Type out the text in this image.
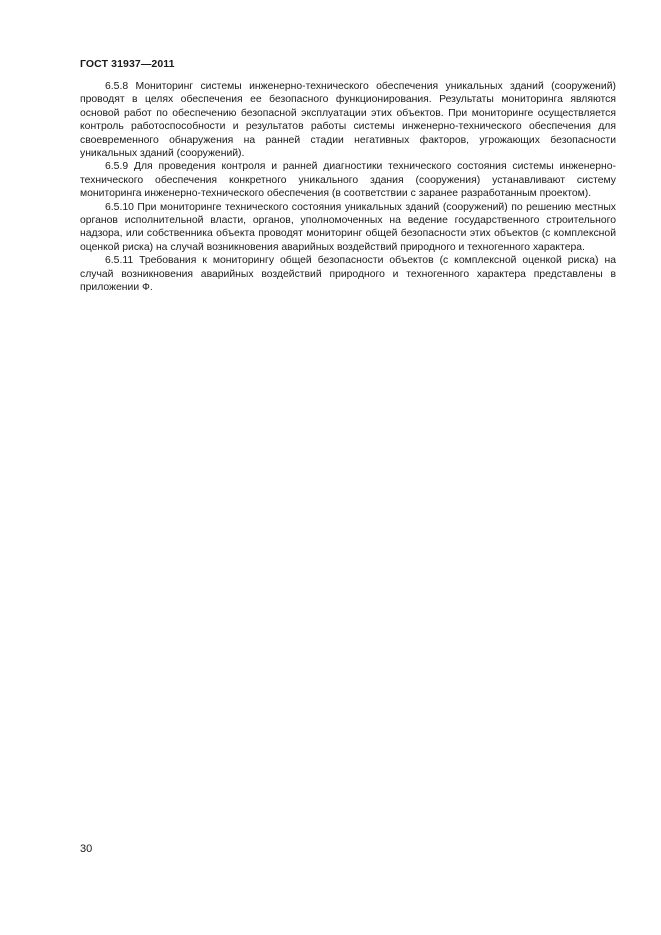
ГОСТ 31937—2011

6.5.8 Мониторинг системы инженерно-технического обеспечения уникальных зданий (сооружений) проводят в целях обеспечения ее безопасного функционирования. Результаты мониторинга являются основой работ по обеспечению безопасной эксплуатации этих объектов. При мониторинге осуществляется контроль работоспособности и результатов работы системы инженерно-технического обеспечения для своевременного обнаружения на ранней стадии негативных факторов, угрожающих безопасности уникальных зданий (сооружений).

6.5.9 Для проведения контроля и ранней диагностики технического состояния системы инженерно-технического обеспечения конкретного уникального здания (сооружения) устанавливают систему мониторинга инженерно-технического обеспечения (в соответствии с заранее разработанным проектом).

6.5.10 При мониторинге технического состояния уникальных зданий (сооружений) по решению местных органов исполнительной власти, органов, уполномоченных на ведение государственного строительного надзора, или собственника объекта проводят мониторинг общей безопасности этих объектов (с комплексной оценкой риска) на случай возникновения аварийных воздействий природного и техногенного характера.

6.5.11 Требования к мониторингу общей безопасности объектов (с комплексной оценкой риска) на случай возникновения аварийных воздействий природного и техногенного характера представлены в приложении Ф.

30
